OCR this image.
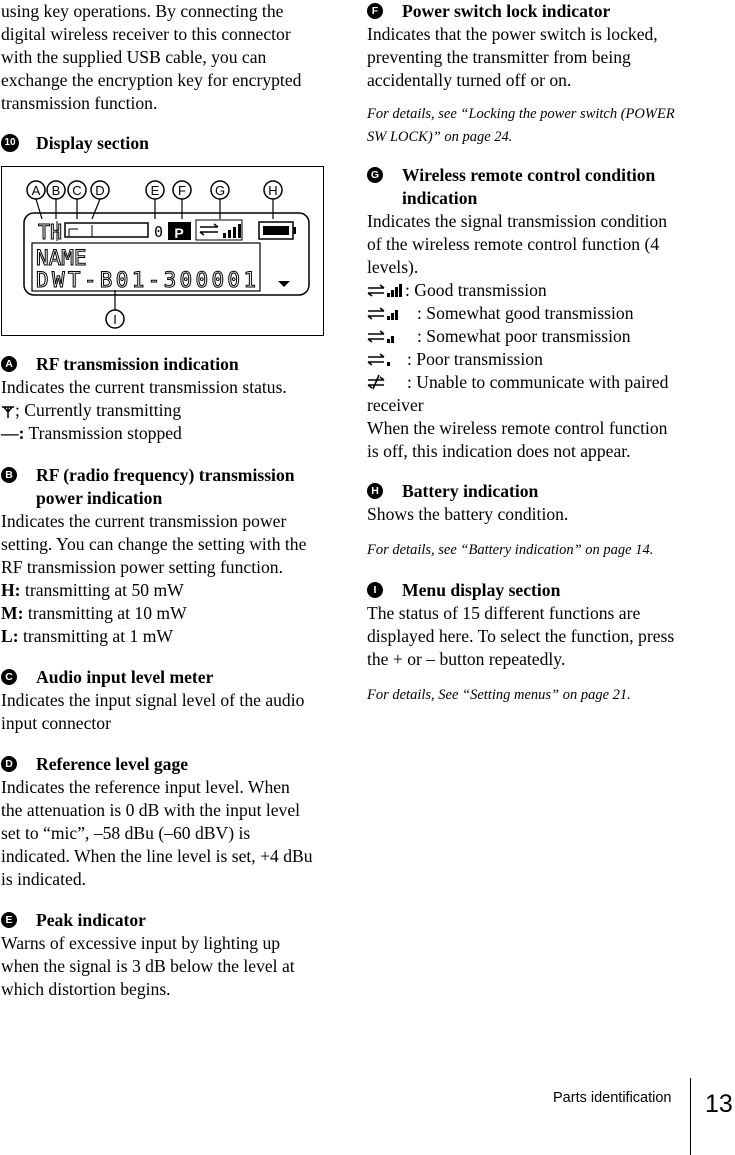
using key operations. By connecting the

digital wireless receiver to this connector

with the supplied USB cable, you can

exchange the encryption key for encrypted

transmission function.

10 Display section
A B C D	E F G	H
I
TH	0 P
NAME
DWT-B01-300001
A RF transmission indication

Indicates the current transmission status.

; Currently transmitting

—: Transmission stopped

B RF (radio frequency) transmission
power indication

Indicates the current transmission power

setting. You can change the setting with the

RF transmission power setting function.

H: transmitting at 50 mW

M: transmitting at 10 mW

L: transmitting at 1 mW

C Audio input level meter

Indicates the input signal level of the audio

input connector

D Reference level gage

Indicates the reference input level. When

the attenuation is 0 dB with the input level

set to “mic”, –58 dBu (–60 dBV) is

indicated. When the line level is set, +4 dBu

is indicated.

E Peak indicator

Warns of excessive input by lighting up

when the signal is 3 dB below the level at

which distortion begins.

F Power switch lock indicator

Indicates that the power switch is locked,

preventing the transmitter from being

accidentally turned off or on.

For details, see “Locking the power switch (POWER

SW LOCK)” on page 24.

G Wireless remote control condition
indication

Indicates the signal transmission condition

of the wireless remote control function (4

levels).

: Good transmission

: Somewhat good transmission

: Somewhat poor transmission

: Poor transmission

: Unable to communicate with paired

receiver

When the wireless remote control function

is off, this indication does not appear.

H Battery indication

Shows the battery condition.

For details, see “Battery indication” on page 14.

I	Menu display section

The status of 15 different functions are

displayed here. To select the function, press

the + or – button repeatedly.

For details, See “Setting menus” on page 21.

Parts identification 13
